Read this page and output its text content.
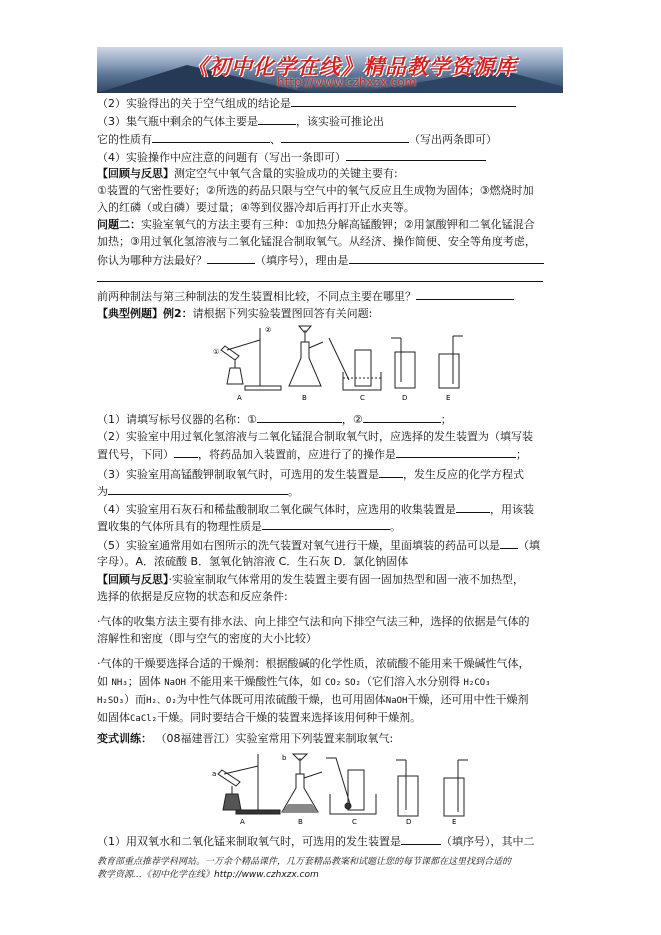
《初中化学在线》精品教学资源库
http://www.czhxzx.com
（2）实验得出的关于空气组成的结论是
（3）集气瓶中剩余的气体主要是	，该实验可推论出
它的性质有	、	（写出两条即可）
（4）实验操作中应注意的问题有（写出一条即可）
【回顾与反思】测定空气中氧气含量的实验成功的关键主要有:
①装置的气密性要好；②所选的药品只限与空气中的氧气反应且生成物为固体；③燃烧时加
入的红磷（或白磷）要过量；④等到仪器冷却后再打开止水夹等。
问题二：实验室氧气的方法主要有三种：①加热分解高锰酸钾；②用氯酸钾和二氧化锰混合
加热；③用过氧化氢溶液与二氧化锰混合制取氧气。从经济、操作简便、安全等角度考虑，
你认为哪种方法最好？	（填序号），理由是
前两种制法与第三种制法的发生装置相比较，不同点主要在哪里？
【典型例题】例2：请根据下列实验装置图回答有关问题:
A	B	C	D	E
①
②
（1）请填写标号仪器的名称：①	，②	；
（2）实验室中用过氧化氢溶液与二氧化锰混合制取氧气时，应选择的发生装置为（填写装
置代号，下同） ，将药品加入装置前，应进行了的操作是	；
（3）实验室用高锰酸钾制取氧气时，可选用的发生装置是 ，发生反应的化学方程式
为	。
（4）实验室用石灰石和稀盐酸制取二氧化碳气体时，应选用的收集装置是	，用该装
置收集的气体所具有的物理性质是	。
（5）实验室通常用如右图所示的洗气装置对氧气进行干燥，里面填装的药品可以是 （填
字母）。A．浓硫酸 B．氢氧化钠溶液 C．生石灰 D．氯化钠固体
【回顾与反思】·实验室制取气体常用的发生装置主要有固一固加热型和固一液不加热型，
选择的依据是反应物的状态和反应条件:
·气体的收集方法主要有排水法、向上排空气法和向下排空气法三种，选择的依据是气体的
溶解性和密度（即与空气的密度的大小比较）
·气体的干燥要选择合适的干燥剂：根据酸碱的化学性质，浓硫酸不能用来干燥碱性气体，
如 NH₃；固体 NaOH 不能用来干燥酸性气体，如 CO₂ SO₂（它们溶入水分别得 H₂CO₃
H₂SO₃）而H₂、O₂为中性气体既可用浓硫酸干燥，也可用固体NaOH干燥，还可用中性干燥剂
如固体CaCl₂干燥。同时要结合干燥的装置来选择该用何种干燥剂。
变式训练： （08福建晋江）实验室常用下列装置来制取氧气:
a
b
A	B	C	D	E
（1）用双氧水和二氧化锰来制取氧气时，可选用的发生装置是	（填序号），其中二
教育部重点推荐学科网站。一万余个精品课件，几万套精品教案和试题让您的每节课都在这里找到合适的
教学资源…《初中化学在线》http://www.czhxzx.com
